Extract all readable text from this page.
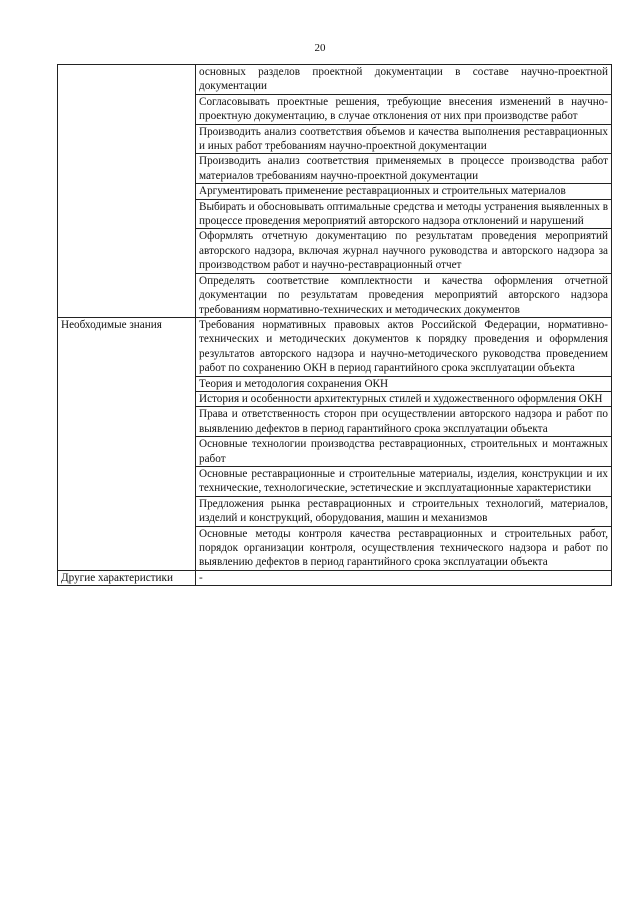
20
	основных разделов проектной документации в составе научно-проектной документации
	Согласовывать проектные решения, требующие внесения изменений в научно-проектную документацию, в случае отклонения от них при производстве работ
	Производить анализ соответствия объемов и качества выполнения реставрационных и иных работ требованиям научно-проектной документации
	Производить анализ соответствия применяемых в процессе производства работ материалов требованиям научно-проектной документации
	Аргументировать применение реставрационных и строительных материалов
	Выбирать и обосновывать оптимальные средства и методы устранения выявленных в процессе проведения мероприятий авторского надзора отклонений и нарушений
	Оформлять отчетную документацию по результатам проведения мероприятий авторского надзора, включая журнал научного руководства и авторского надзора за производством работ и научно-реставрационный отчет
	Определять соответствие комплектности и качества оформления отчетной документации по результатам проведения мероприятий авторского надзора требованиям нормативно-технических и методических документов
Необходимые знания	Требования нормативных правовых актов Российской Федерации, нормативно-технических и методических документов к порядку проведения и оформления результатов авторского надзора и научно-методического руководства проведением работ по сохранению ОКН в период гарантийного срока эксплуатации объекта
	Теория и методология сохранения ОКН
	История и особенности архитектурных стилей и художественного оформления ОКН
	Права и ответственность сторон при осуществлении авторского надзора и работ по выявлению дефектов в период гарантийного срока эксплуатации объекта
	Основные технологии производства реставрационных, строительных и монтажных работ
	Основные реставрационные и строительные материалы, изделия, конструкции и их технические, технологические, эстетические и эксплуатационные характеристики
	Предложения рынка реставрационных и строительных технологий, материалов, изделий и конструкций, оборудования, машин и механизмов
	Основные методы контроля качества реставрационных и строительных работ, порядок организации контроля, осуществления технического надзора и работ по выявлению дефектов в период гарантийного срока эксплуатации объекта
Другие характеристики	-
